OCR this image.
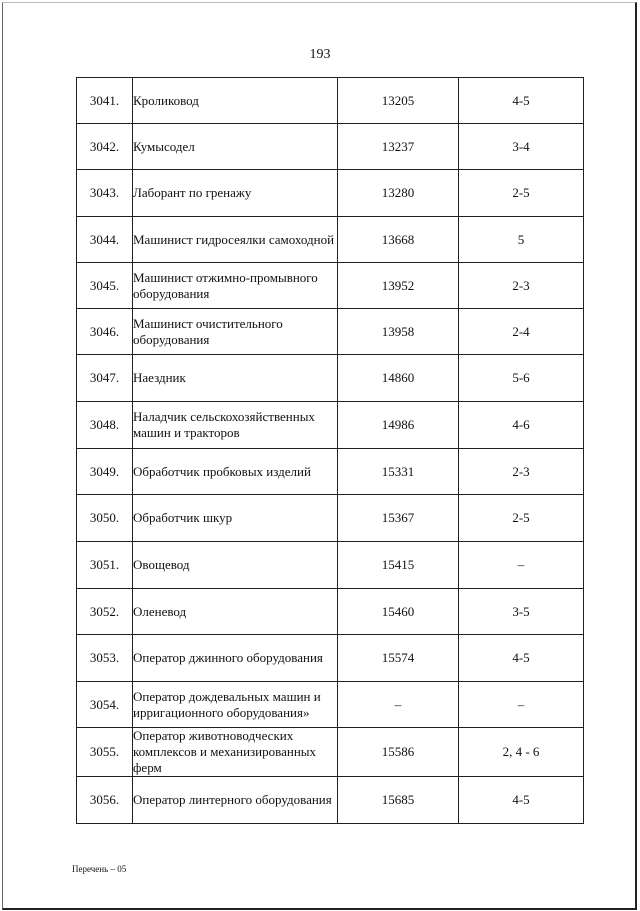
193
3041.	Кроликовод	13205	4-5
3042.	Кумысодел	13237	3-4
3043.	Лаборант по гренажу	13280	2-5
3044.	Машинист гидросеялки самоходной	13668	5
3045.	Машинист отжимно-промывного оборудования	13952	2-3
3046.	Машинист очистительного оборудования	13958	2-4
3047.	Наездник	14860	5-6
3048.	Наладчик сельскохозяйственных машин и тракторов	14986	4-6
3049.	Обработчик пробковых изделий	15331	2-3
3050.	Обработчик шкур	15367	2-5
3051.	Овощевод	15415	–
3052.	Оленевод	15460	3-5
3053.	Оператор джинного оборудования	15574	4-5
3054.	Оператор дождевальных машин и ирригационного оборудования»	–	–
3055.	Оператор животноводческих комплексов и механизированных ферм	15586	2, 4 - 6
3056.	Оператор линтерного оборудования	15685	4-5
Перечень – 05
